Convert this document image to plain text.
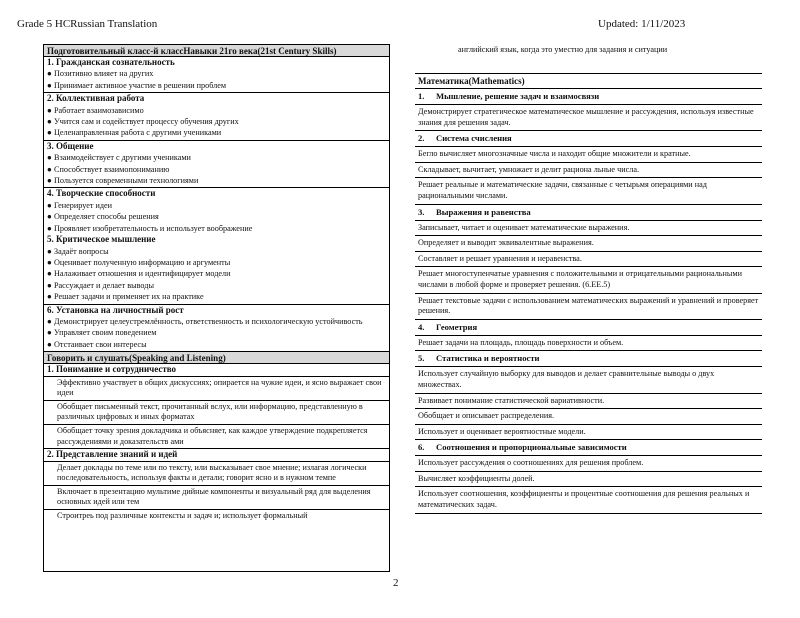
Grade 5 HCRussian Translation	Updated: 1/11/2023
Подготовительный класс-й классНавыки 21го века(21st Century Skills)
1. Гражданская сознательность
● Позитивно влияет на других
● Принимает активное участие в решении проблем
2. Коллективная работа
● Работает взаимозависимо
● Учится сам и содействует процессу обучения других
● Целенаправленная работа с другими учениками
3. Общение
● Взаимодействует с другими учениками
● Способствует взаимопониманию
● Пользуется современными технологиями
4. Творческие способности
● Генерирует идеи
● Определяет способы решения
● Проявляет изобретательность и использует воображение
5. Критическое мышление
● Задаёт вопросы
● Оценивает полученную информацию и аргументы
● Налаживает отношения и идентифицирует модели
● Рассуждает и делает выводы
● Решает задачи и применяет их на практике
6. Установка на личностный рост
● Демонстрирует целеустремлённость, ответственность и психологическую устойчивость
● Управляет своим поведением
● Отстаивает свои интересы
Говорить и слушать(Speaking and Listening)
1. Понимание и сотрудничество
Эффективно участвует в общих дискуссиях; опирается на чужие идеи, и ясно выражает свои идеи
Обобщает письменный текст, прочитанный вслух, или информацию, представленную в различных цифровых и иных форматах
Обобщает точку зрения докладчика и объясняет, как каждое утверждение подкрепляется рассуждениями и доказательств ами
2. Представление знаний и идей
Делает доклады по теме или по тексту, или высказывает свое мнение; излагая логически последовательность, используя факты и детали; говорит ясно и в нужном темпе
Включает в презентацию мультиме дийные компоненты и визуальный ряд для выделения основных идей или тем
Строитреь под различные контексты и задач и; использует формальный
английский язык, когда это уместно для задания и ситуации
Математика(Mathematics)
1. Мышление, решение задач и взаимосвязи
Демонстрирует стратегическое математическое мышление и рассуждения, используя известные знания для решения задач.
2. Система счисления
Бегло вычисляет многозначные числа и находит общие множители и кратные.
Складывает, вычитает, умножает и делит рациона льные числа.
Решает реальные и математические задачи, связанные с четырьмя операциями над рациональными числами.
3. Выражения и равенства
Записывает, читает и оценивает математические выражения.
Определяет и выводит эквивалентные выражения.
Составляет и решает уравнения и неравенства.
Решает многоступенчатые уравнения с положительными и отрицательными рациональными числами в любой форме и проверяет решения. (6.EE.5)
Решает текстовые задачи с использованием математических выражений и уравнений и проверяет решения.
4. Геометрия
Решает задачи на площадь, площадь поверхности и объем.
5. Статистика и вероятности
Использует случайную выборку для выводов и делает сравнительные выводы о двух множествах.
Развивает понимание статистической вариативности.
Обобщает и описывает распределения.
Использует и оценивает вероятностные модели.
6. Соотношения и пропорциональные зависимости
Использует рассуждения о соотношениях для решения проблем.
Вычисляет коэффициенты долей.
Использует соотношения, коэффициенты и процентные соотношения для решения реальных и математических задач.
2
